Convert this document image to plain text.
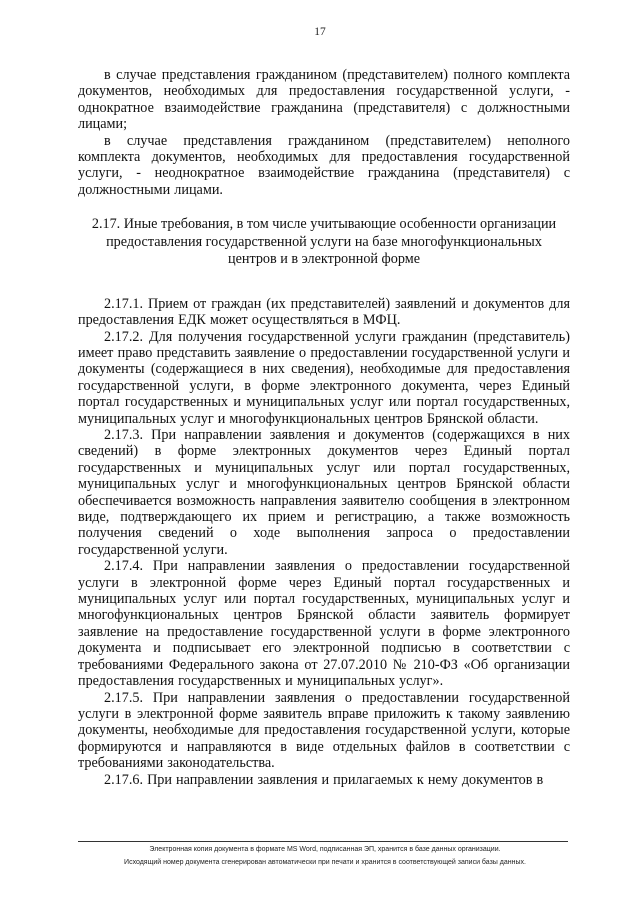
17

в случае представления гражданином (представителем) полного комплекта документов, необходимых для предоставления государственной услуги, - однократное взаимодействие гражданина (представителя) с должностными лицами;

в случае представления гражданином (представителем) неполного комплекта документов, необходимых для предоставления государственной услуги, - неоднократное взаимодействие гражданина (представителя) с должностными лицами.

2.17. Иные требования, в том числе учитывающие особенности организации
предоставления государственной услуги на базе многофункциональных
центров и в электронной форме

2.17.1. Прием от граждан (их представителей) заявлений и документов для предоставления ЕДК может осуществляться в МФЦ.

2.17.2. Для получения государственной услуги гражданин (представитель) имеет право представить заявление о предоставлении государственной услуги и документы (содержащиеся в них сведения), необходимые для предоставления государственной услуги, в форме электронного документа, через Единый портал государственных и муниципальных услуг или портал государственных, муниципальных услуг и многофункциональных центров Брянской области.

2.17.3. При направлении заявления и документов (содержащихся в них сведений) в форме электронных документов через Единый портал государственных и муниципальных услуг или портал государственных, муниципальных услуг и многофункциональных центров Брянской области обеспечивается возможность направления заявителю сообщения в электронном виде, подтверждающего их прием и регистрацию, а также возможность получения сведений о ходе выполнения запроса о предоставлении государственной услуги.

2.17.4. При направлении заявления о предоставлении государственной услуги в электронной форме через Единый портал государственных и муниципальных услуг или портал государственных, муниципальных услуг и многофункциональных центров Брянской области заявитель формирует заявление на предоставление государственной услуги в форме электронного документа и подписывает его электронной подписью в соответствии с требованиями Федерального закона от 27.07.2010 № 210-ФЗ «Об организации предоставления государственных и муниципальных услуг».

2.17.5. При направлении заявления о предоставлении государственной услуги в электронной форме заявитель вправе приложить к такому заявлению документы, необходимые для предоставления государственной услуги, которые формируются и направляются в виде отдельных файлов в соответствии с требованиями законодательства.

2.17.6. При направлении заявления и прилагаемых к нему документов в

Электронная копия документа в формате MS Word, подписанная ЭП, хранится в базе данных организации.
Исходящий номер документа сгенерирован автоматически при печати и хранится в соответствующей записи базы данных.
